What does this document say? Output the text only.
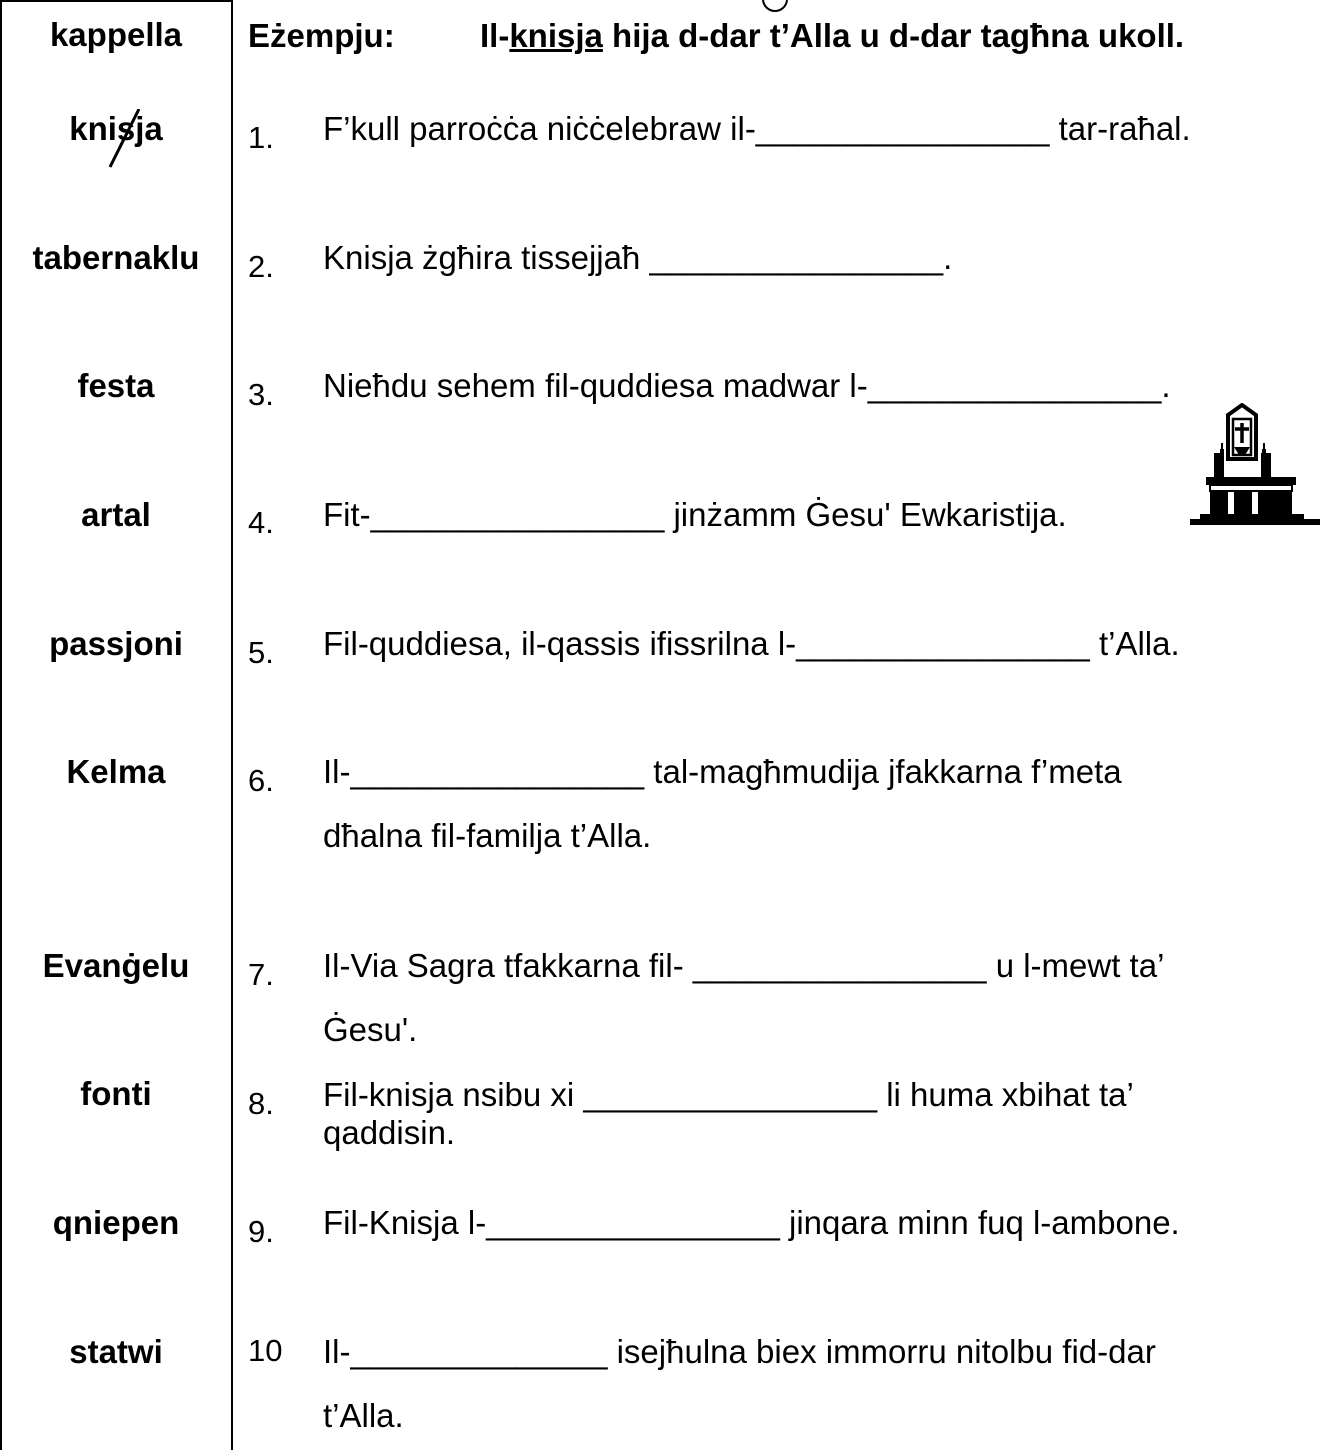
kappella
knisja
tabernaklu
festa
artal
passjoni
Kelma
Evanġelu
fonti
qniepen
statwi
Eżempju:	Il-knisja hija d-dar t’Alla u d-dar tagħna ukoll.
1. F’kull parroċċa niċċelebraw il-________________ tar-raħal.
2. Knisja żgħira tissejjaħ ________________.
3. Nieħdu sehem fil-quddiesa madwar l-________________.
4. Fit-________________ jinżamm Ġesu' Ewkaristija.
5. Fil-quddiesa, il-qassis ifissrilna l-________________ t’Alla.
6. Il-________________ tal-magħmudija jfakkarna f’meta
dħalna fil-familja t’Alla.
7. Il-Via Sagra tfakkarna fil- ________________ u l-mewt ta’
Ġesu'.
8. Fil-knisja nsibu xi ________________ li huma xbihat ta’
qaddisin.
9. Fil-Knisja l-________________ jinqara minn fuq l-ambone.
10 Il-______________ isejħulna biex immorru nitolbu fid-dar
t’Alla.
